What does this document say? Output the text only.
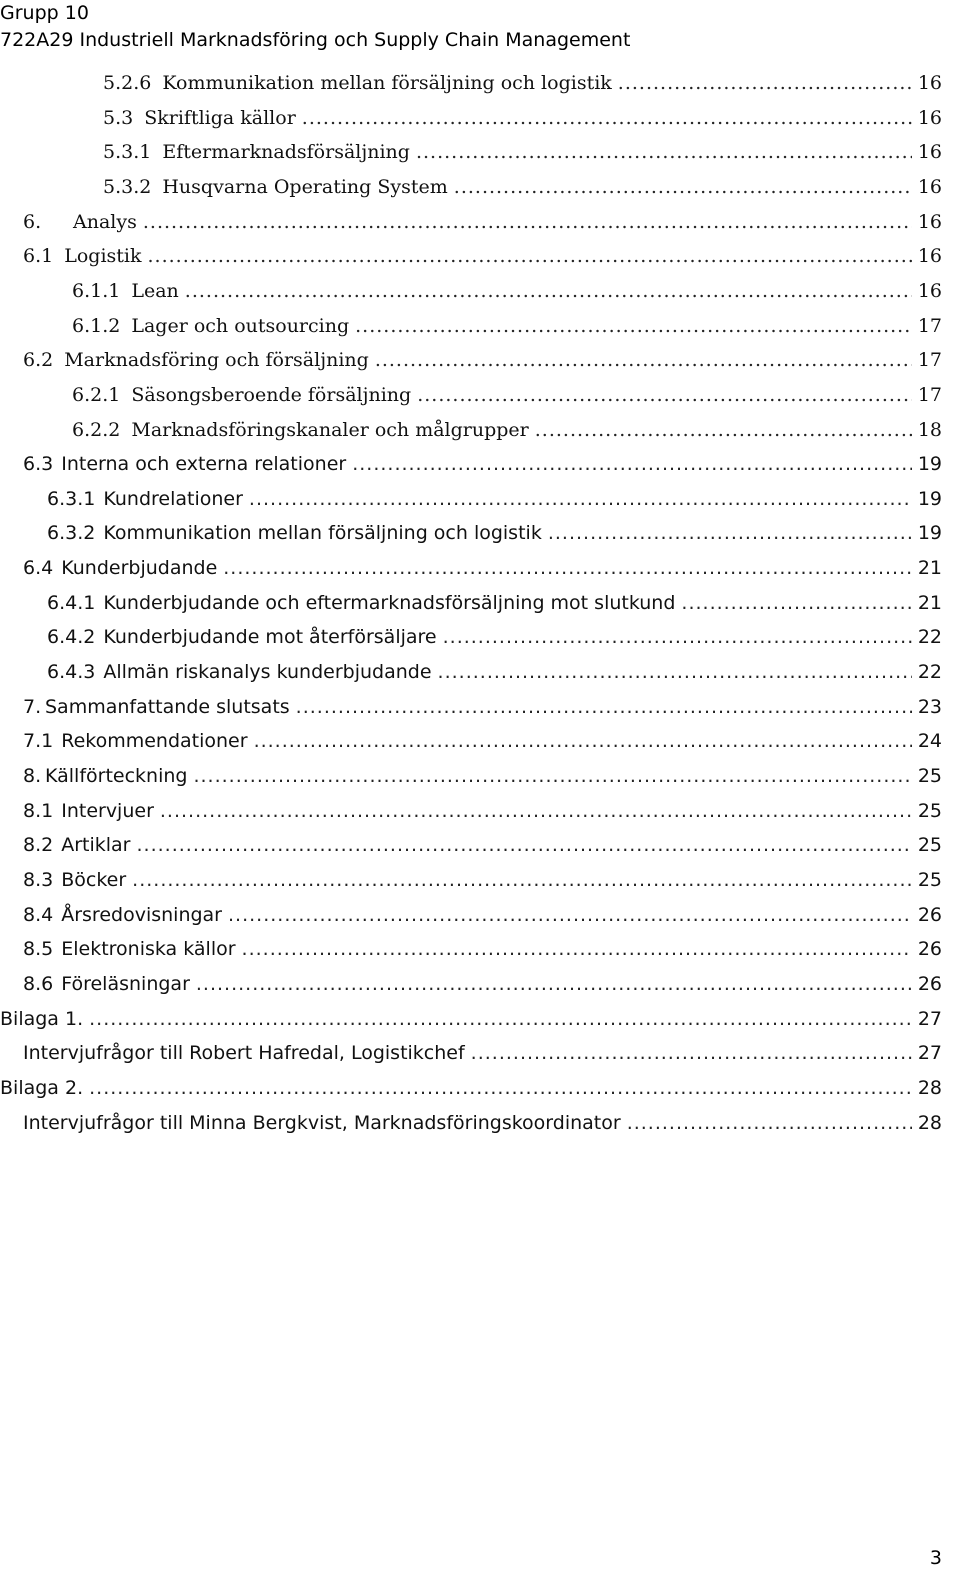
Grupp 10
722A29 Industriell Marknadsföring och Supply Chain Management
5.2.6 Kommunikation mellan försäljning och logistik .....	16
5.3 Skriftliga källor .....	16
5.3.1 Eftermarknadsförsäljning .....	16
5.3.2 Husqvarna Operating System .....	16
6.	Analys .....	16
6.1 Logistik .....	16
6.1.1 Lean .....	16
6.1.2 Lager och outsourcing .....	17
6.2 Marknadsföring och försäljning .....	17
6.2.1 Säsongsberoende försäljning .....	17
6.2.2 Marknadsföringskanaler och målgrupper .....	18
6.3 Interna och externa relationer .....	19
6.3.1 Kundrelationer .....	19
6.3.2 Kommunikation mellan försäljning och logistik .....	19
6.4 Kunderbjudande .....	21
6.4.1 Kunderbjudande och eftermarknadsförsäljning mot slutkund .....	21
6.4.2 Kunderbjudande mot återförsäljare .....	22
6.4.3 Allmän riskanalys kunderbjudande .....	22
7. Sammanfattande slutsats .....	23
7.1 Rekommendationer .....	24
8. Källförteckning .....	25
8.1 Intervjuer .....	25
8.2 Artiklar .....	25
8.3 Böcker .....	25
8.4 Årsredovisningar .....	26
8.5 Elektroniska källor .....	26
8.6 Föreläsningar .....	26
Bilaga 1. .....	27
Intervjufrågor till Robert Hafredal, Logistikchef .....	27
Bilaga 2. .....	28
Intervjufrågor till Minna Bergkvist, Marknadsföringskoordinator .....	28
3
